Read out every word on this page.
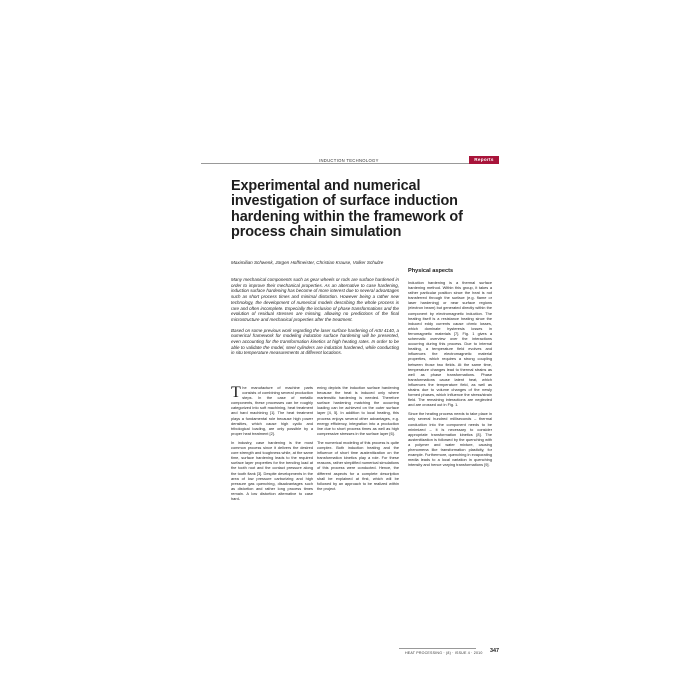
INDUCTION TECHNOLOGY	Reports
Experimental and numerical investigation of surface induction hardening within the framework of process chain simulation
Maximilian Schwenk, Jürgen Hoffmeister, Christian Krause, Volker Schulze

Many mechanical components such as gear wheels or rods are surface hardened in order to improve their mechanical properties. As an alternative to case hardening, induction surface hardening has become of more interest due to several advantages such as short process times and minimal distortion. However being a rather new technology, the development of numerical models describing the whole process is rare and often incomplete. Especially the inclusion of phase transformations and the evolution of residual stresses are missing, allowing no predictions of the final microstructure and mechanical properties after the treatment.

Based on some previous work regarding the laser surface hardening of AISI 4140, a numerical framework for modeling induction surface hardening will be presented, even accounting for the transformation kinetics at high heating rates. In order to be able to validate the model, steel cylinders are induction hardened, while conducting in situ temperature measurements at different locations.

The manufacture of machine parts consists of combining several production steps. In the case of metallic components, these processes can be roughly categorized into soft machining, heat treatment and hard machining [1]. The heat treatment plays a fundamental role because high power densities, which cause high cyclic and tribological loading, are only possible by a proper heat treatment [2].

In industry, case hardening is the most common process since it delivers the desired core strength and toughness while, at the same time, surface hardening leads to the required surface layer properties for the bending load at the tooth root and the contact pressure along the tooth flank [3]. Despite developments in the area of low pressure carburizing and high pressure gas quenching, disadvantages such as distortion and rather long process times remain. A low distortion alternative to case hard-

ening depicts the induction surface hardening because the heat is induced only where martensitic hardening is needed. Therefore surface hardening matching the occurring loading can be achieved on the outer surface layer [4, 5]. In addition to local heating, this process enjoys several other advantages, e.g. energy efficiency, integration into a production line due to short process times as well as high compressive stresses in the surface layer [6].

The numerical modeling of this process is quite complex. Both induction heating and the influence of short time austenitization on the transformation kinetics play a role. For these reasons, rather simplified numerical simulations of this process were conducted. Hence, the different aspects for a complete description shall be explained at first, which will be followed by an approach to be realized within the project.

Physical aspects

Induction hardening is a thermal surface hardening method. Within this group, it takes a rather particular position since the heat is not transferred through the surface (e.g. flame or laser hardening) or near surface regions (electron beam) but generated directly within the component by electromagnetic induction. The heating itself is a resistance heating since the induced eddy currents cause ohmic losses, which dominate hysteresis losses in ferromagnetic materials [7]. Fig. 1 gives a schematic overview over the interactions occurring during this process. Due to internal heating, a temperature field evolves and influences the electromagnetic material properties, which requires a strong coupling between those two fields. At the same time, temperature changes lead to thermal strains as well as phase transformations. Phase transformations cause latent heat, which influences the temperature field, as well as strains due to volume changes of the newly formed phases, which influence the stress/strain field. The remaining interactions are neglected and are crossed out in Fig. 1.

Since the heating process needs to take place in only several hundred milliseconds – thermal conduction into the component needs to be minimized – it is necessary to consider appropriate transformation kinetics [8]. The austenitization is followed by the quenching with a polymer and water mixture, causing phenomena like transformation plasticity, for example. Furthermore, quenching in evaporating media leads to a local variation in quenching intensity and hence varying transformations [9].

HEAT PROCESSING · (8) · ISSUE 4 · 2010 347
